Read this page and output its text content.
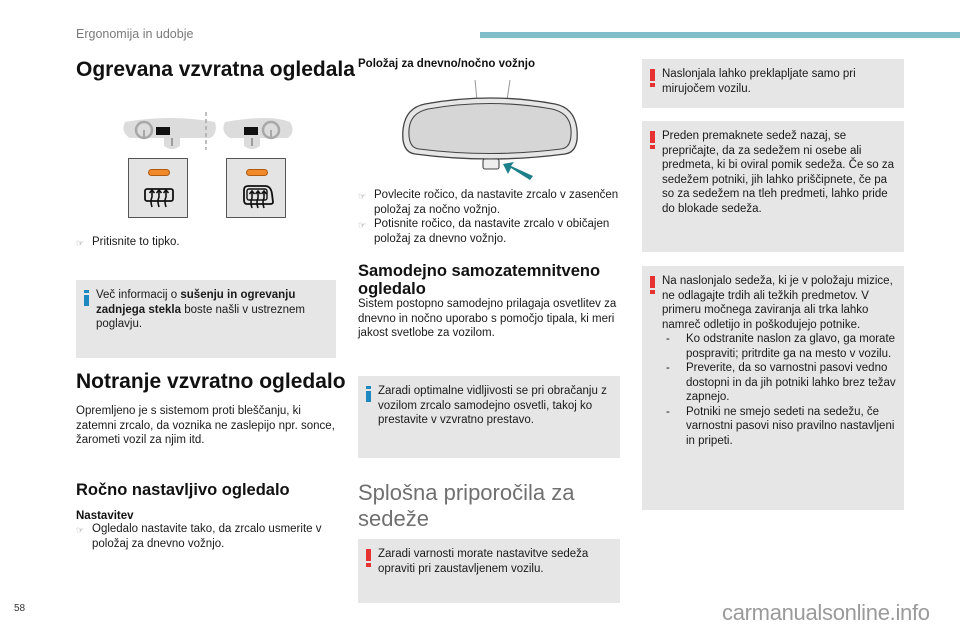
Ergonomija in udobje
Ogrevana vzvratna ogledala
☞ Pritisnite to tipko.
Več informacij o sušenju in ogrevanju zadnjega stekla boste našli v ustreznem poglavju.
Notranje vzvratno ogledalo
Opremljeno je s sistemom proti bleščanju, ki zatemni zrcalo, da voznika ne zaslepijo npr. sonce, žarometi vozil za njim itd.
Ročno nastavljivo ogledalo
Nastavitev
☞ Ogledalo nastavite tako, da zrcalo usmerite v položaj za dnevno vožnjo.
Položaj za dnevno/nočno vožnjo
☞ Povlecite ročico, da nastavite zrcalo v zasenčen položaj za nočno vožnjo.
☞ Potisnite ročico, da nastavite zrcalo v običajen položaj za dnevno vožnjo.
Samodejno samozatemnitveno ogledalo
Sistem postopno samodejno prilagaja osvetlitev za dnevno in nočno uporabo s pomočjo tipala, ki meri jakost svetlobe za vozilom.
Zaradi optimalne vidljivosti se pri obračanju z vozilom zrcalo samodejno osvetli, takoj ko prestavite v vzvratno prestavo.
Splošna priporočila za sedeže
Zaradi varnosti morate nastavitve sedeža opraviti pri zaustavljenem vozilu.
Naslonjala lahko preklapljate samo pri mirujočem vozilu.
Preden premaknete sedež nazaj, se prepričajte, da za sedežem ni osebe ali predmeta, ki bi oviral pomik sedeža. Če so za sedežem potniki, jih lahko priščipnete, če pa so za sedežem na tleh predmeti, lahko pride do blokade sedeža.
Na naslonjalo sedeža, ki je v položaju mizice, ne odlagajte trdih ali težkih predmetov. V primeru močnega zaviranja ali trka lahko namreč odletijo in poškodujejo potnike.
-	Ko odstranite naslon za glavo, ga morate pospraviti; pritrdite ga na mesto v vozilu.
-	Preverite, da so varnostni pasovi vedno dostopni in da jih potniki lahko brez težav zapnejo.
-	Potniki ne smejo sedeti na sedežu, če varnostni pasovi niso pravilno nastavljeni in pripeti.
58	carmanualsonline.info
